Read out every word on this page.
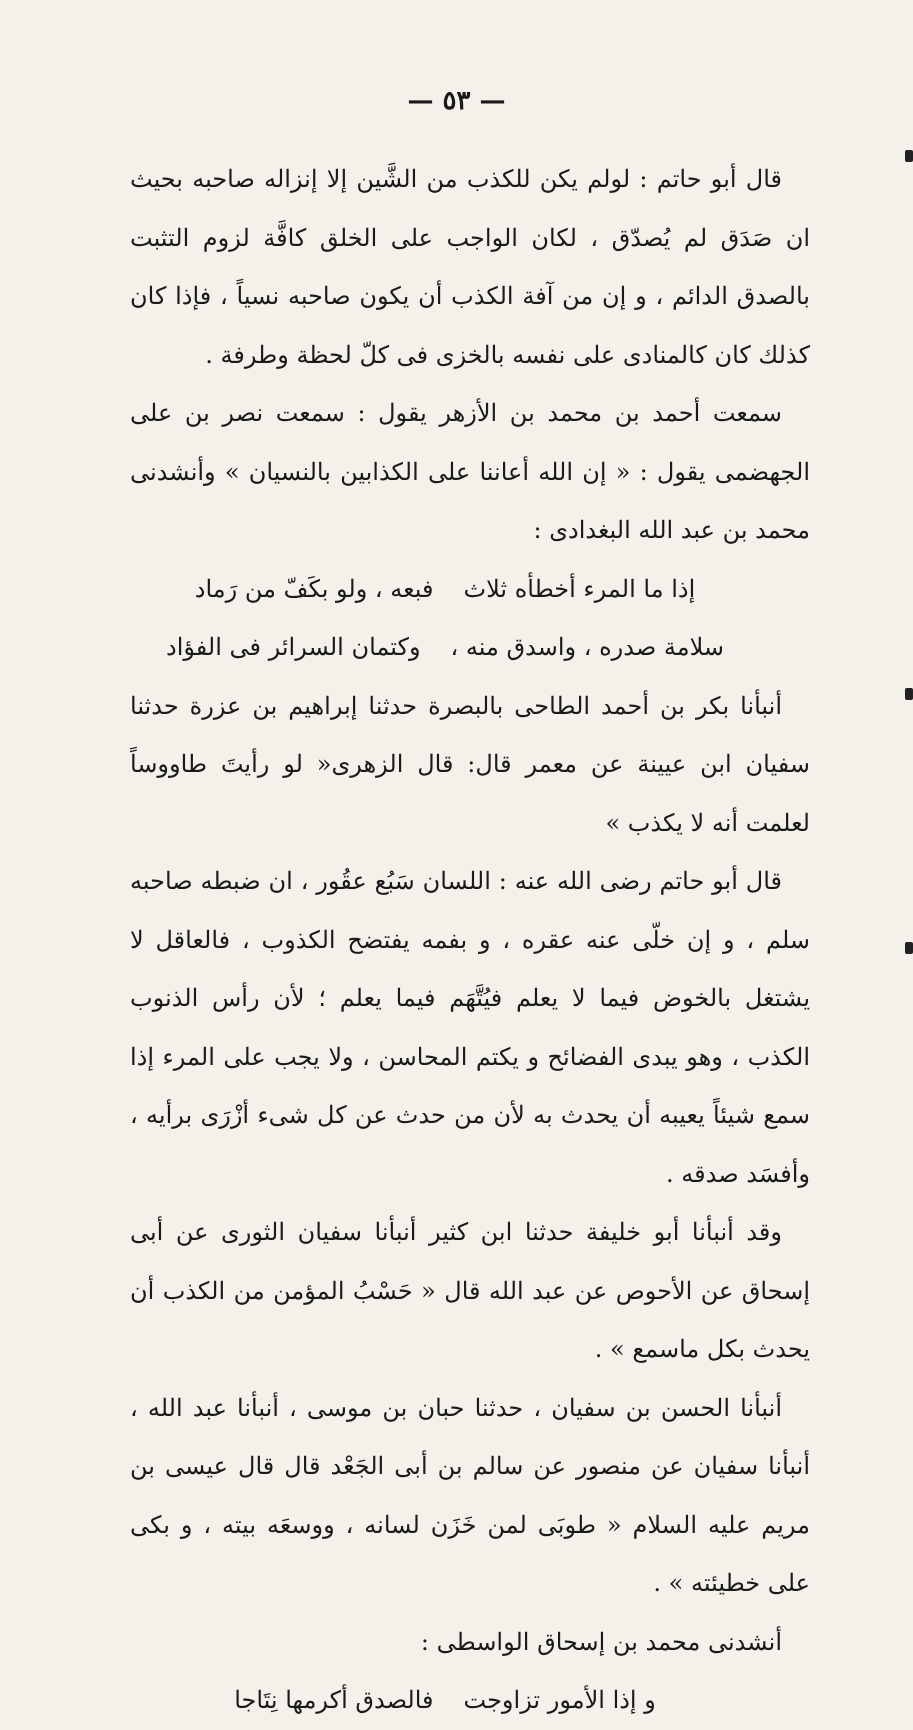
— ٥٣ —

قال أبو حاتم : لولم يكن للكذب من الشَّين إلا إنزاله صاحبه بحيث ان صَدَق لم يُصدّق ، لكان الواجب على الخلق كافَّة لزوم التثبت بالصدق الدائم ، و إن من آفة الكذب أن يكون صاحبه نسياً ، فإذا كان كذلك كان كالمنادى على نفسه بالخزى فى كلّ لحظة وطرفة .

سمعت أحمد بن محمد بن الأزهر يقول : سمعت نصر بن على الجهضمى يقول : « إن الله أعاننا على الكذابين بالنسيان » وأنشدنى محمد بن عبد الله البغدادى :

إذا ما المرء أخطأه ثلاث
فبعه ، ولو بكَفّ من رَماد
سلامة صدره ، واسدق منه ،
وكتمان السرائر فى الفؤاد

أنبأنا بكر بن أحمد الطاحى بالبصرة حدثنا إبراهيم بن عزرة حدثنا سفيان ابن عيينة عن معمر قال: قال الزهرى« لو رأيتَ طاووساً لعلمت أنه لا يكذب »

قال أبو حاتم رضى الله عنه : اللسان سَبُع عقُور ، ان ضبطه صاحبه سلم ، و إن خلّى عنه عقره ، و بفمه يفتضح الكذوب ، فالعاقل لا يشتغل بالخوض فيما لا يعلم فيُتَّهَم فيما يعلم ؛ لأن رأس الذنوب الكذب ، وهو يبدى الفضائح و يكتم المحاسن ، ولا يجب على المرء إذا سمع شيئاً يعيبه أن يحدث به لأن من حدث عن كل شىء أزْرَى برأيه ، وأفسَد صدقه .

وقد أنبأنا أبو خليفة حدثنا ابن كثير أنبأنا سفيان الثورى عن أبى إسحاق عن الأحوص عن عبد الله قال « حَسْبُ المؤمن من الكذب أن يحدث بكل ماسمع » .

أنبأنا الحسن بن سفيان ، حدثنا حبان بن موسى ، أنبأنا عبد الله ، أنبأنا سفيان عن منصور عن سالم بن أبى الجَعْد قال قال عيسى بن مريم عليه السلام « طوبَى لمن خَزَن لسانه ، ووسعَه بيته ، و بكى على خطيئته » .

أنشدنى محمد بن إسحاق الواسطى :

و إذا الأمور تزاوجت
فالصدق أكرمها نِتَاجا
